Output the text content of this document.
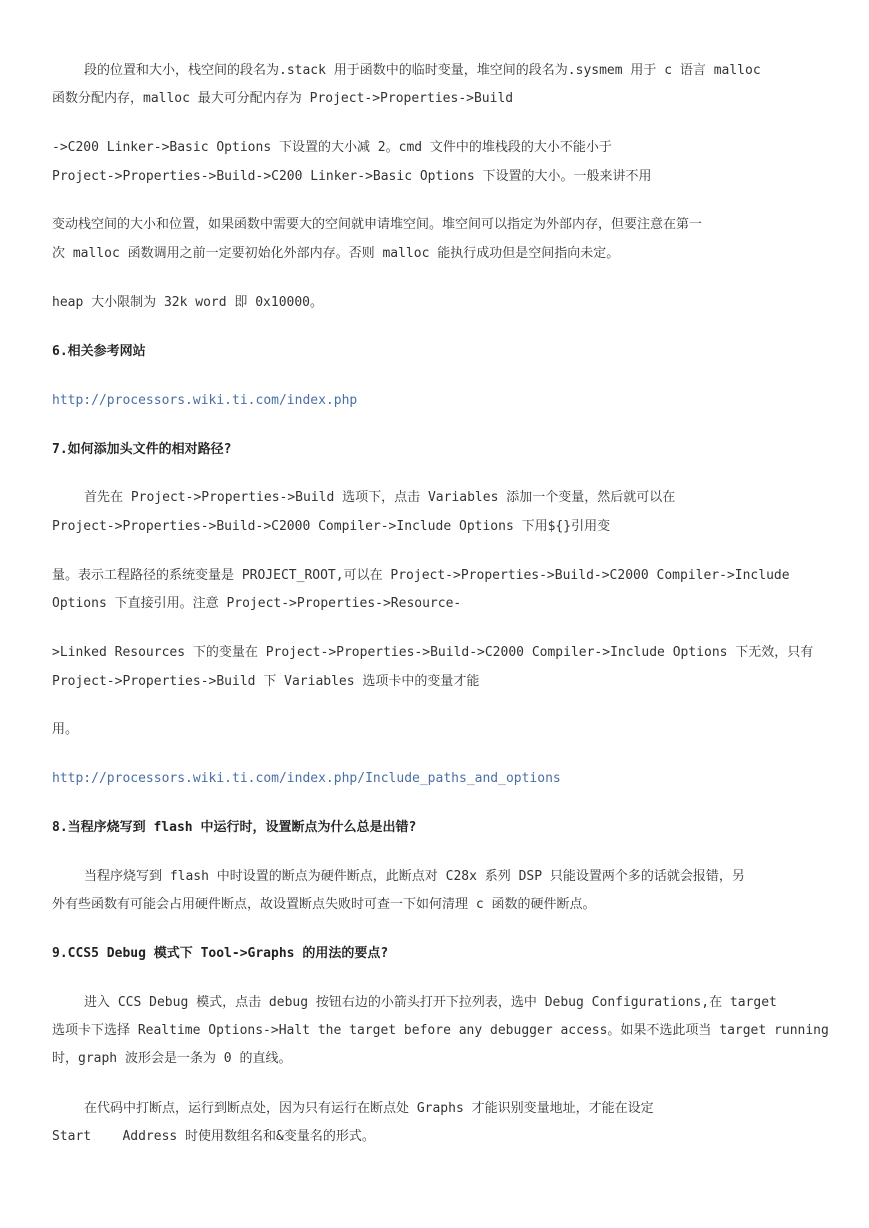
段的位置和大小，栈空间的段名为.stack 用于函数中的临时变量，堆空间的段名为.sysmem 用于 c 语言 malloc
函数分配内存，malloc 最大可分配内存为 Project->Properties->Build
->C200 Linker->Basic Options 下设置的大小减 2。cmd 文件中的堆栈段的大小不能小于
Project->Properties->Build->C200 Linker->Basic Options 下设置的大小。一般来讲不用
变动栈空间的大小和位置，如果函数中需要大的空间就申请堆空间。堆空间可以指定为外部内存，但要注意在第一
次 malloc 函数调用之前一定要初始化外部内存。否则 malloc 能执行成功但是空间指向未定。
heap 大小限制为 32k word 即 0x10000。
6.相关参考网站
http://processors.wiki.ti.com/index.php
7.如何添加头文件的相对路径?
首先在 Project->Properties->Build 选项下，点击 Variables 添加一个变量，然后就可以在
Project->Properties->Build->C2000 Compiler->Include Options 下用${}引用变
量。表示工程路径的系统变量是 PROJECT_ROOT,可以在 Project->Properties->Build->C2000 Compiler->Include
Options 下直接引用。注意 Project->Properties->Resource-
>Linked Resources 下的变量在 Project->Properties->Build->C2000 Compiler->Include Options 下无效，只有
Project->Properties->Build 下 Variables 选项卡中的变量才能
用。
http://processors.wiki.ti.com/index.php/Include_paths_and_options
8.当程序烧写到 flash 中运行时，设置断点为什么总是出错?
当程序烧写到 flash 中时设置的断点为硬件断点，此断点对 C28x 系列 DSP 只能设置两个多的话就会报错，另
外有些函数有可能会占用硬件断点，故设置断点失败时可查一下如何清理 c 函数的硬件断点。
9.CCS5 Debug 模式下 Tool->Graphs 的用法的要点?
进入 CCS Debug 模式，点击 debug 按钮右边的小箭头打开下拉列表，选中 Debug Configurations,在 target
选项卡下选择 Realtime Options->Halt the target before any debugger access。如果不选此项当 target running
时，graph 波形会是一条为 0 的直线。
在代码中打断点，运行到断点处，因为只有运行在断点处 Graphs 才能识别变量地址，才能在设定
Start    Address 时使用数组名和&变量名的形式。
